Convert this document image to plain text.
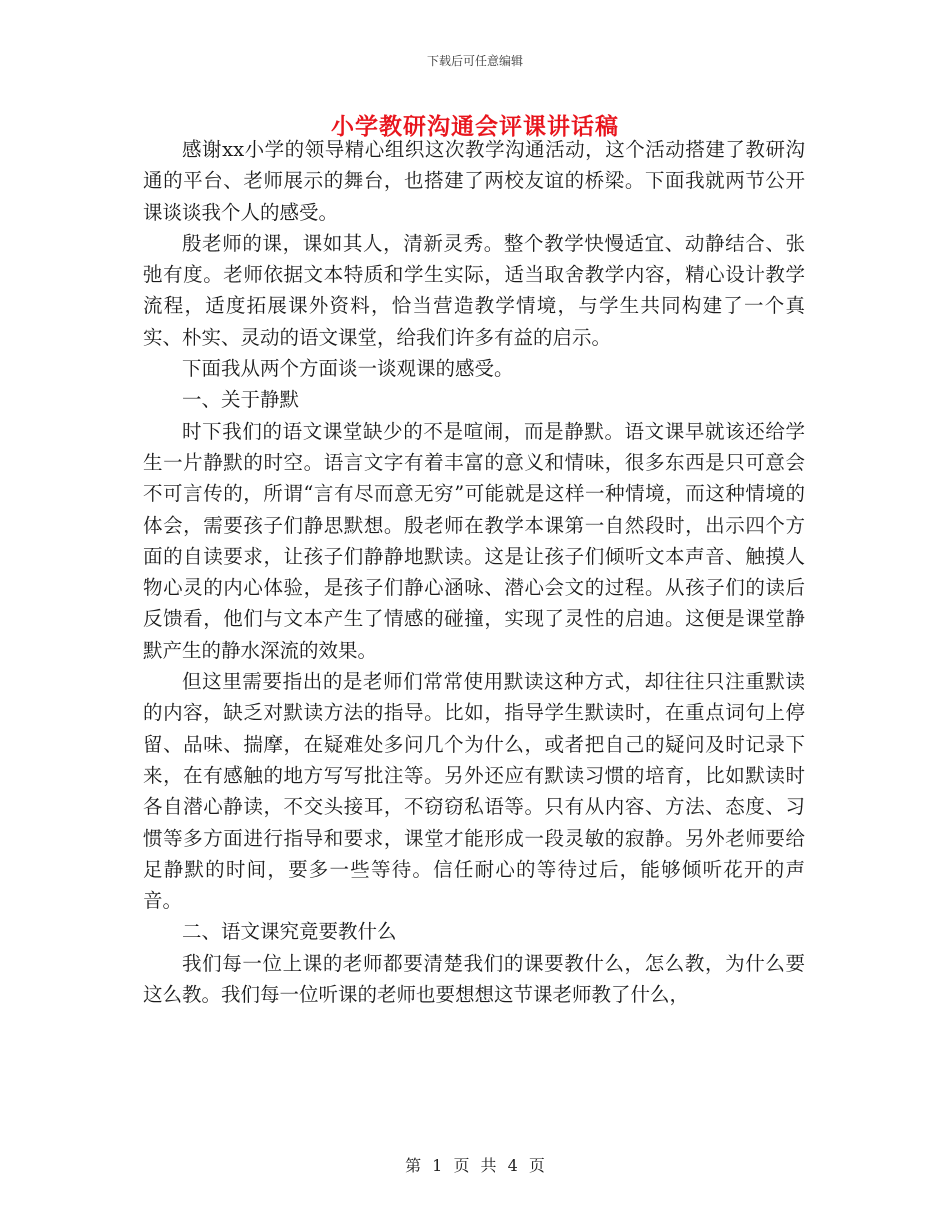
下载后可任意编辑
小学教研沟通会评课讲话稿

感谢xx小学的领导精心组织这次教学沟通活动，这个活动搭建了教研沟通的平台、老师展示的舞台，也搭建了两校友谊的桥梁。下面我就两节公开课谈谈我个人的感受。

殷老师的课，课如其人，清新灵秀。整个教学快慢适宜、动静结合、张弛有度。老师依据文本特质和学生实际，适当取舍教学内容，精心设计教学流程，适度拓展课外资料，恰当营造教学情境，与学生共同构建了一个真实、朴实、灵动的语文课堂，给我们许多有益的启示。

下面我从两个方面谈一谈观课的感受。

一、关于静默

时下我们的语文课堂缺少的不是喧闹，而是静默。语文课早就该还给学生一片静默的时空。语言文字有着丰富的意义和情味，很多东西是只可意会不可言传的，所谓“言有尽而意无穷”可能就是这样一种情境，而这种情境的体会，需要孩子们静思默想。殷老师在教学本课第一自然段时，出示四个方面的自读要求，让孩子们静静地默读。这是让孩子们倾听文本声音、触摸人物心灵的内心体验，是孩子们静心涵咏、潜心会文的过程。从孩子们的读后反馈看，他们与文本产生了情感的碰撞，实现了灵性的启迪。这便是课堂静默产生的静水深流的效果。

但这里需要指出的是老师们常常使用默读这种方式，却往往只注重默读的内容，缺乏对默读方法的指导。比如，指导学生默读时，在重点词句上停留、品味、揣摩，在疑难处多问几个为什么，或者把自己的疑问及时记录下来，在有感触的地方写写批注等。另外还应有默读习惯的培育，比如默读时各自潜心静读，不交头接耳，不窃窃私语等。只有从内容、方法、态度、习惯等多方面进行指导和要求，课堂才能形成一段灵敏的寂静。另外老师要给足静默的时间，要多一些等待。信任耐心的等待过后，能够倾听花开的声音。

二、语文课究竟要教什么

我们每一位上课的老师都要清楚我们的课要教什么，怎么教，为什么要这么教。我们每一位听课的老师也要想想这节课老师教了什么，

第 1 页 共 4 页
